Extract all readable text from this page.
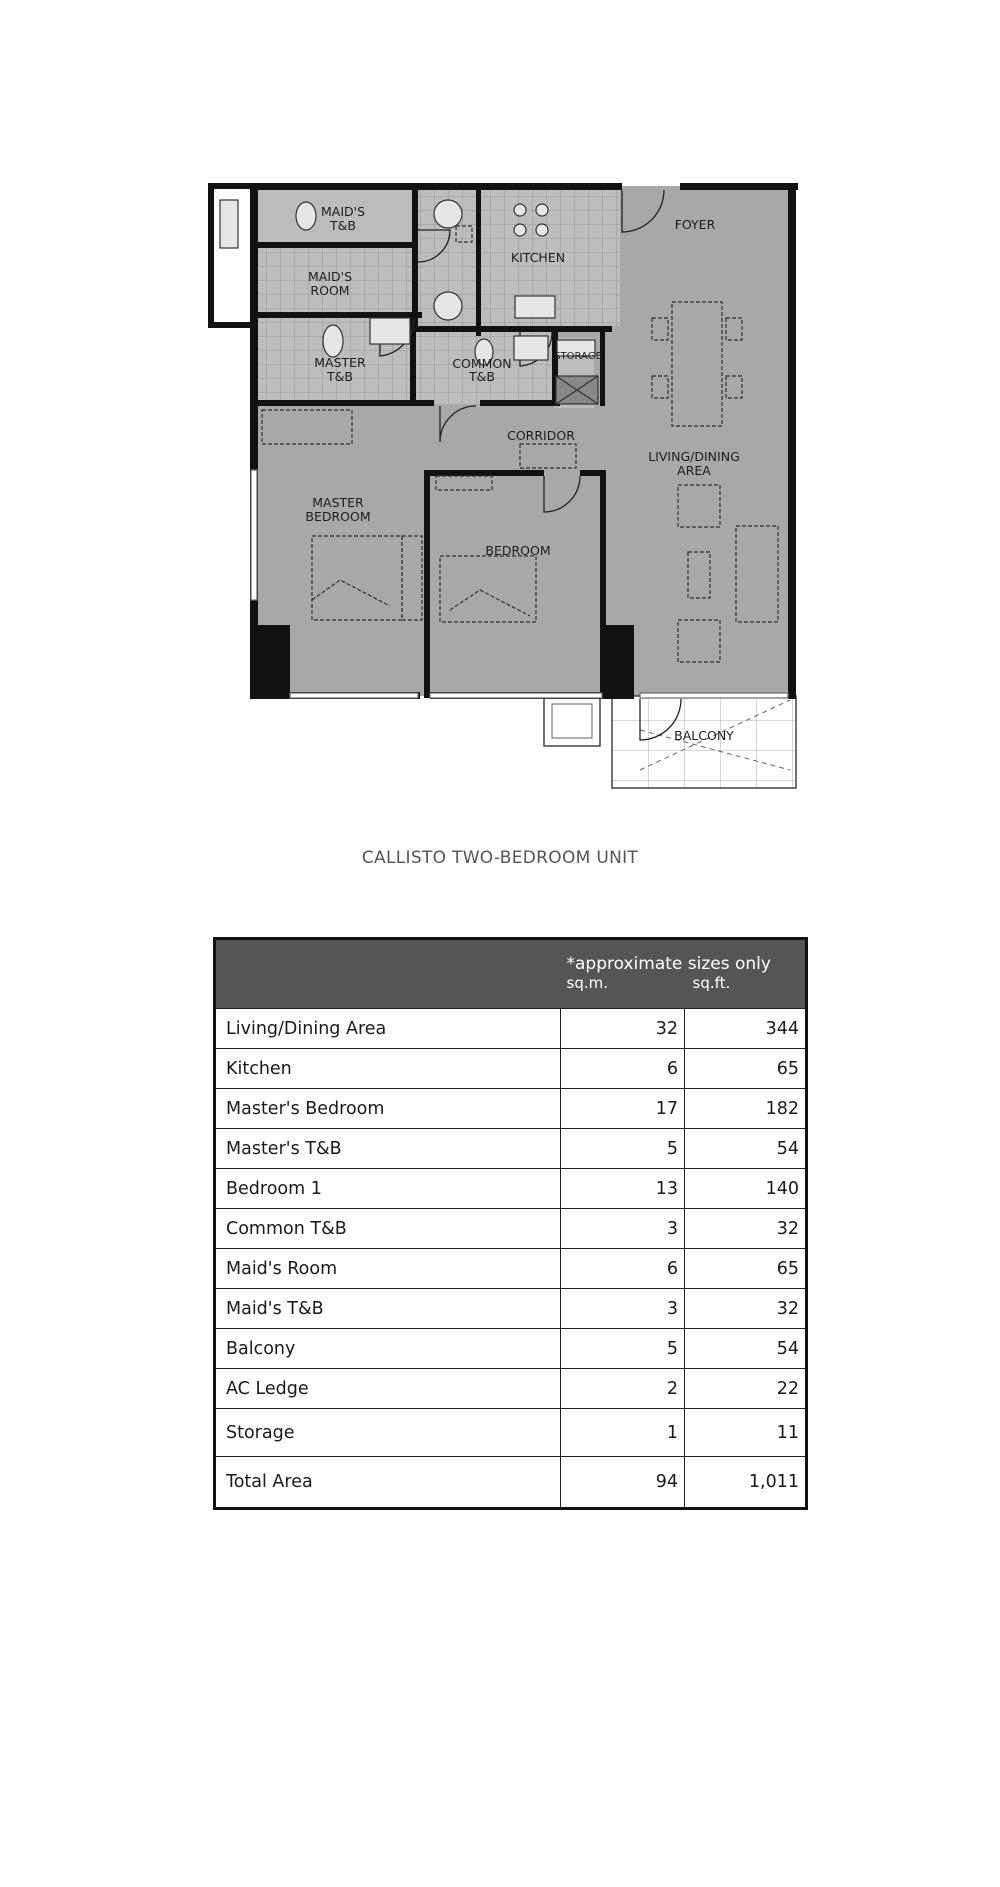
MAID'S
T&B
MAID'S
ROOM
KITCHEN
FOYER
MASTER
T&B
COMMON
T&B
STORAGE
CORRIDOR
LIVING/DINING
AREA
MASTER
BEDROOM
BEDROOM
BALCONY
CALLISTO TWO-BEDROOM UNIT
	*approximate sizes only	
	sq.m.	sq.ft.
Living/Dining Area	32	344
Kitchen	6	65
Master's Bedroom	17	182
Master's T&B	5	54
Bedroom 1	13	140
Common T&B	3	32
Maid's Room	6	65
Maid's T&B	3	32
Balcony	5	54
AC Ledge	2	22
Storage	1	11
Total Area	94	1,011
